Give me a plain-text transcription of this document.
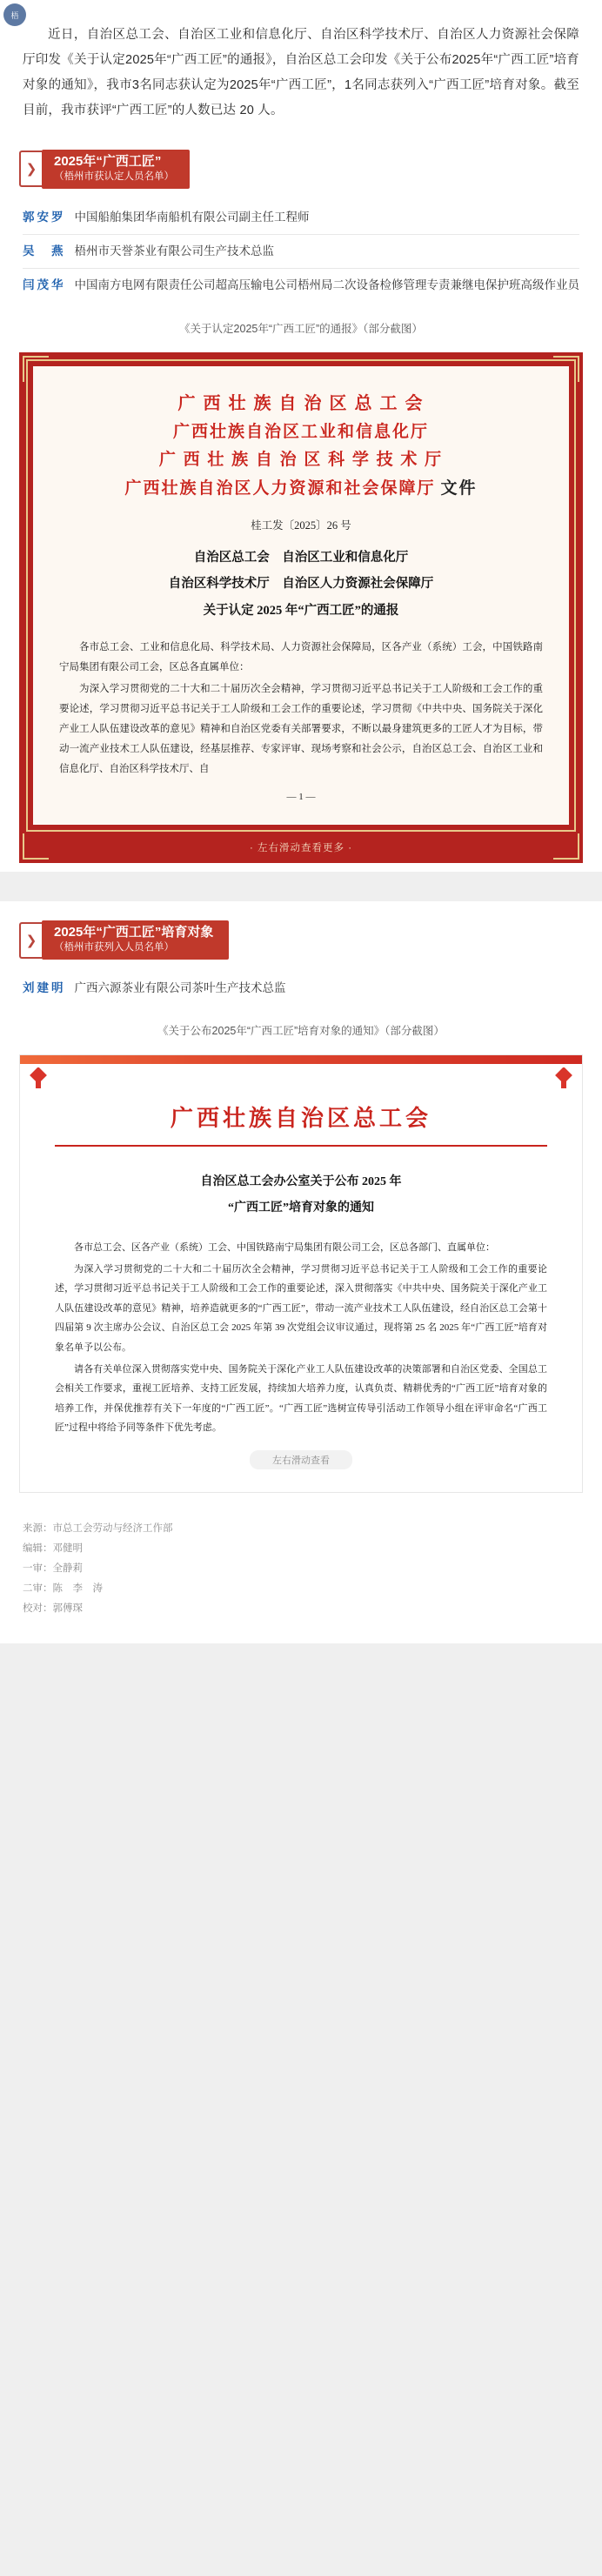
梧
近日，自治区总工会、自治区工业和信息化厅、自治区科学技术厅、自治区人力资源社会保障厅印发《关于认定2025年“广西工匠”的通报》，自治区总工会印发《关于公布2025年“广西工匠”培育对象的通知》，我市3名同志获认定为2025年“广西工匠”，1名同志获列入“广西工匠”培育对象。截至目前，我市获评“广西工匠”的人数已达 20 人。
❯
2025年“广西工匠”
（梧州市获认定人员名单）
郭安罗 中国船舶集团华南船机有限公司副主任工程师
吴　燕 梧州市天誉茶业有限公司生产技术总监
闫茂华 中国南方电网有限责任公司超高压输电公司梧州局二次设备检修管理专责兼继电保护班高级作业员
《关于认定2025年“广西工匠”的通报》（部分截图）
广 西 壮 族 自 治 区 总 工 会
广西壮族自治区工业和信息化厅
广 西 壮 族 自 治 区 科 学 技 术 厅
广西壮族自治区人力资源和社会保障厅 文件
桂工发〔2025〕26 号
自治区总工会　自治区工业和信息化厅
自治区科学技术厅　自治区人力资源社会保障厅
关于认定 2025 年“广西工匠”的通报

各市总工会、工业和信息化局、科学技术局、人力资源社会保障局，区各产业（系统）工会，中国铁路南宁局集团有限公司工会，区总各直属单位：

为深入学习贯彻党的二十大和二十届历次全会精神，学习贯彻习近平总书记关于工人阶级和工会工作的重要论述，学习贯彻习近平总书记关于工人阶级和工会工作的重要论述，学习贯彻《中共中央、国务院关于深化产业工人队伍建设改革的意见》精神和自治区党委有关部署要求，不断以最身建筑更多的工匠人才为目标，带动一流产业技术工人队伍建设，经基层推荐、专家评审、现场考察和社会公示，自治区总工会、自治区工业和信息化厅、自治区科学技术厅、自

— 1 —
· 左右滑动查看更多 ·
❯
2025年“广西工匠”培育对象
（梧州市获列入人员名单）
刘建明 广西六源茶业有限公司茶叶生产技术总监
《关于公布2025年“广西工匠”培育对象的通知》（部分截图）
广西壮族自治区总工会
自治区总工会办公室关于公布 2025 年
“广西工匠”培育对象的通知

各市总工会、区各产业（系统）工会、中国铁路南宁局集团有限公司工会，区总各部门、直属单位：

为深入学习贯彻党的二十大和二十届历次全会精神，学习贯彻习近平总书记关于工人阶级和工会工作的重要论述，学习贯彻习近平总书记关于工人阶级和工会工作的重要论述，深入贯彻落实《中共中央、国务院关于深化产业工人队伍建设改革的意见》精神，培养造就更多的“广西工匠”，带动一流产业技术工人队伍建设，经自治区总工会第十四届第 9 次主席办公会议、自治区总工会 2025 年第 39 次党组会议审议通过，现将第 25 名 2025 年“广西工匠”培育对象名单予以公布。

请各有关单位深入贯彻落实党中央、国务院关于深化产业工人队伍建设改革的决策部署和自治区党委、全国总工会相关工作要求，重视工匠培养、支持工匠发展，持续加大培养力度，认真负责、精耕优秀的“广西工匠”培育对象的培养工作，并保优推荐有关下一年度的“广西工匠”。“广西工匠”选树宣传导引活动工作领导小组在评审命名“广西工匠”过程中将给予同等条件下优先考虑。

左右滑动查看
来源：市总工会劳动与经济工作部
编辑：邓健明
一审：全静莉
二审：陈　李　涛
校对：郭傅琛
